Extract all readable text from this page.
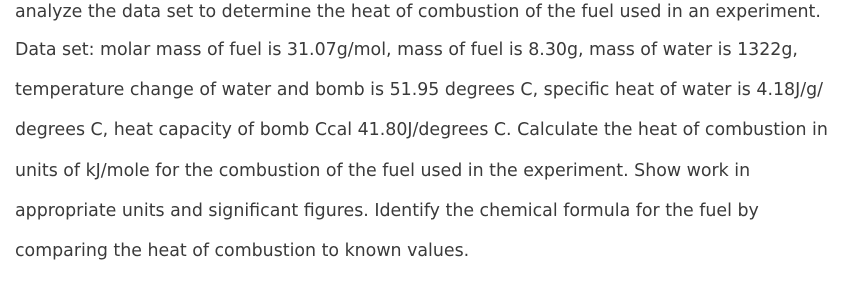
analyze the data set to determine the heat of combustion of the fuel used in an experiment.
Data set: molar mass of fuel is 31.07g/mol, mass of fuel is 8.30g, mass of water is 1322g,
temperature change of water and bomb is 51.95 degrees C, specific heat of water is 4.18J/g/
degrees C, heat capacity of bomb Ccal 41.80J/degrees C. Calculate the heat of combustion in
units of kJ/mole for the combustion of the fuel used in the experiment. Show work in
appropriate units and significant figures. Identify the chemical formula for the fuel by
comparing the heat of combustion to known values.
